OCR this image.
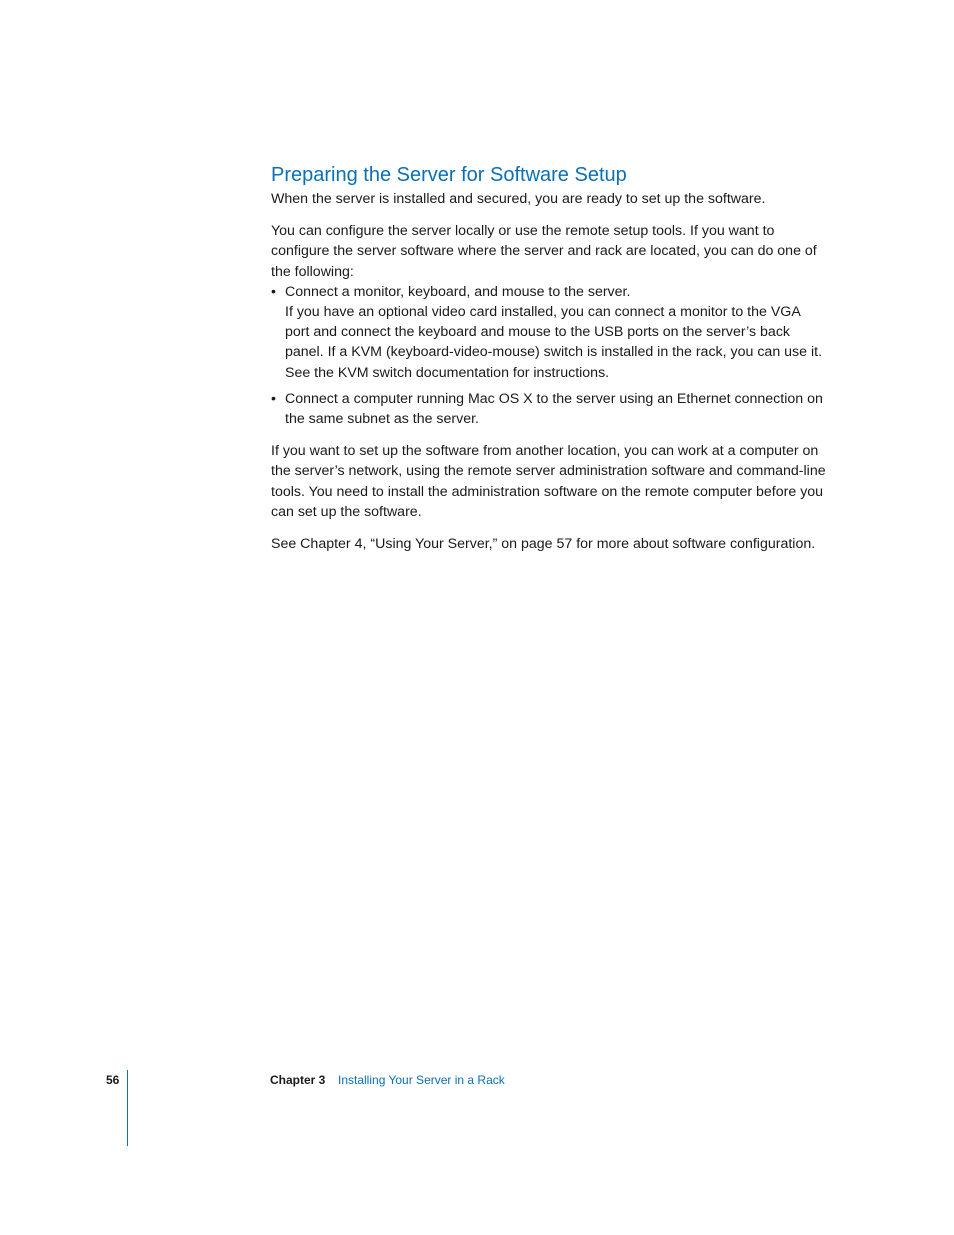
Preparing the Server for Software Setup

When the server is installed and secured, you are ready to set up the software.

You can configure the server locally or use the remote setup tools. If you want to configure the server software where the server and rack are located, you can do one of the following:

• Connect a monitor, keyboard, and mouse to the server.
If you have an optional video card installed, you can connect a monitor to the VGA port and connect the keyboard and mouse to the USB ports on the server’s back panel. If a KVM (keyboard-video-mouse) switch is installed in the rack, you can use it. See the KVM switch documentation for instructions.
• Connect a computer running Mac OS X to the server using an Ethernet connection on the same subnet as the server.

If you want to set up the software from another location, you can work at a computer on the server’s network, using the remote server administration software and command-line tools. You need to install the administration software on the remote computer before you can set up the software.

See Chapter 4, “Using Your Server,” on page 57 for more about software configuration.

56	Chapter 3 Installing Your Server in a Rack
